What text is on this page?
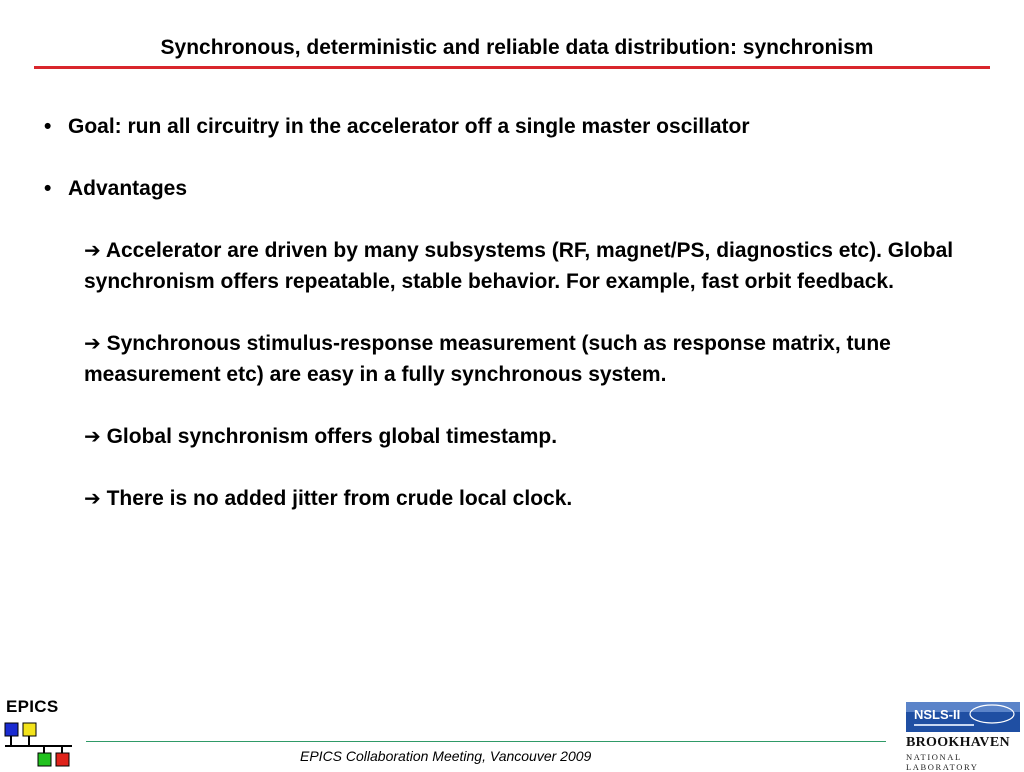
Synchronous, deterministic and reliable data distribution: synchronism
• Goal: run all circuitry in the accelerator off a single master oscillator
• Advantages
➔ Accelerator are driven by many subsystems (RF, magnet/PS, diagnostics etc). Global synchronism offers repeatable, stable behavior. For example, fast orbit feedback.
➔ Synchronous stimulus-response measurement (such as response matrix, tune measurement etc) are easy in a fully synchronous system.
➔ Global synchronism offers global timestamp.
➔ There is no added jitter from crude local clock.
EPICS
EPICS Collaboration Meeting, Vancouver 2009
NSLS-II
BROOKHAVEN
NATIONAL LABORATORY
